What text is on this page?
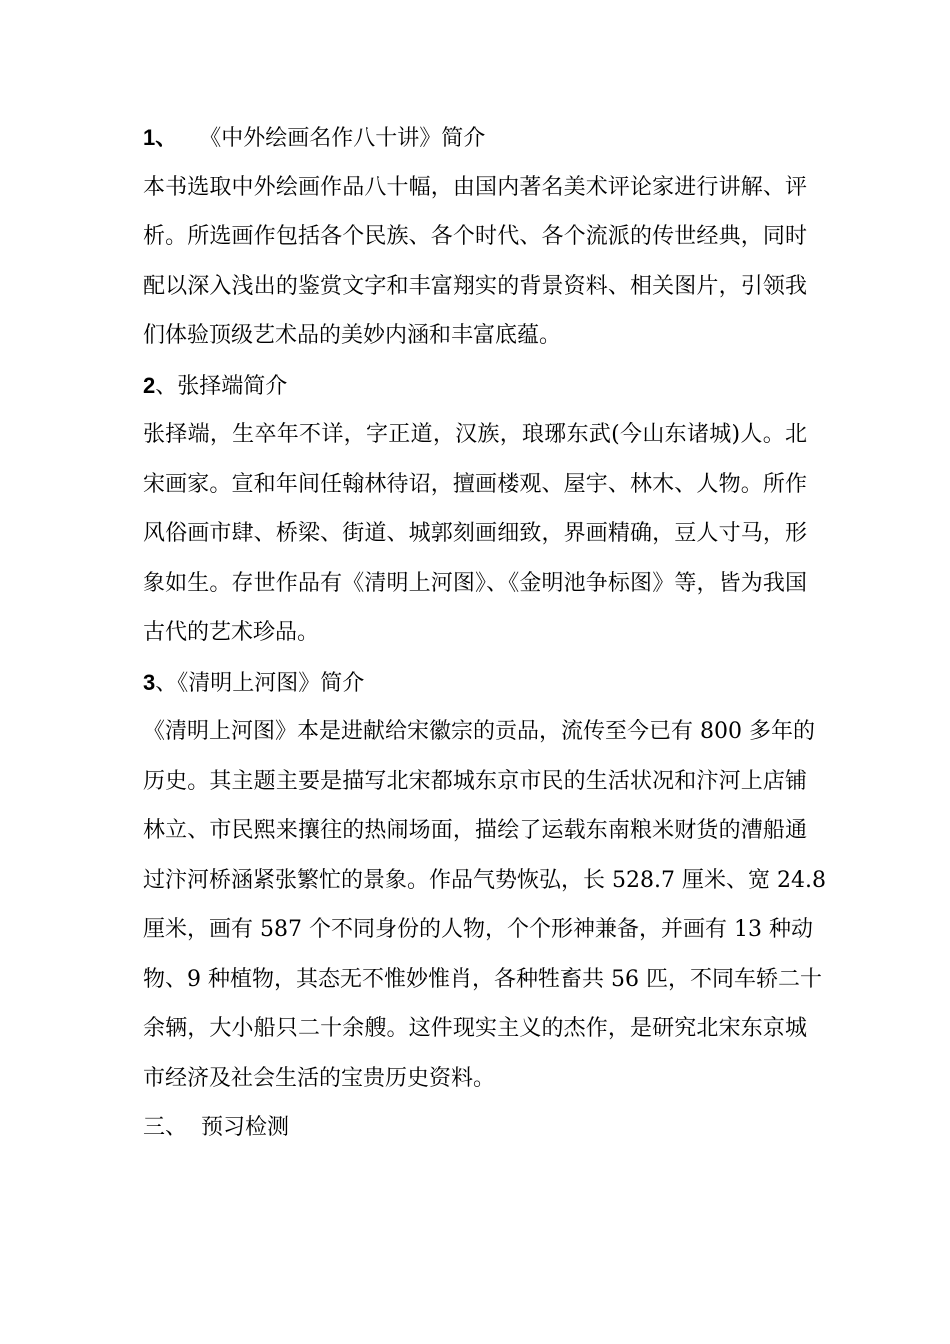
1、 《中外绘画名作八十讲》简介
本书选取中外绘画作品八十幅，由国内著名美术评论家进行讲解、评
析。所选画作包括各个民族、各个时代、各个流派的传世经典，同时
配以深入浅出的鉴赏文字和丰富翔实的背景资料、相关图片，引领我
们体验顶级艺术品的美妙内涵和丰富底蕴。
2、张择端简介
张择端，生卒年不详，字正道，汉族，琅琊东武(今山东诸城)人。北
宋画家。宣和年间任翰林待诏，擅画楼观、屋宇、林木、人物。所作
风俗画市肆、桥梁、街道、城郭刻画细致，界画精确，豆人寸马，形
象如生。存世作品有《清明上河图》、《金明池争标图》等，皆为我国
古代的艺术珍品。
3、《清明上河图》简介
《清明上河图》本是进献给宋徽宗的贡品，流传至今已有 800 多年的
历史。其主题主要是描写北宋都城东京市民的生活状况和汴河上店铺
林立、市民熙来攘往的热闹场面，描绘了运载东南粮米财货的漕船通
过汴河桥涵紧张繁忙的景象。作品气势恢弘，长 528.7 厘米、宽 24.8
厘米，画有 587 个不同身份的人物，个个形神兼备，并画有 13 种动
物、9 种植物，其态无不惟妙惟肖，各种牲畜共 56 匹，不同车轿二十
余辆，大小船只二十余艘。这件现实主义的杰作，是研究北宋东京城
市经济及社会生活的宝贵历史资料。
三、  预习检测
